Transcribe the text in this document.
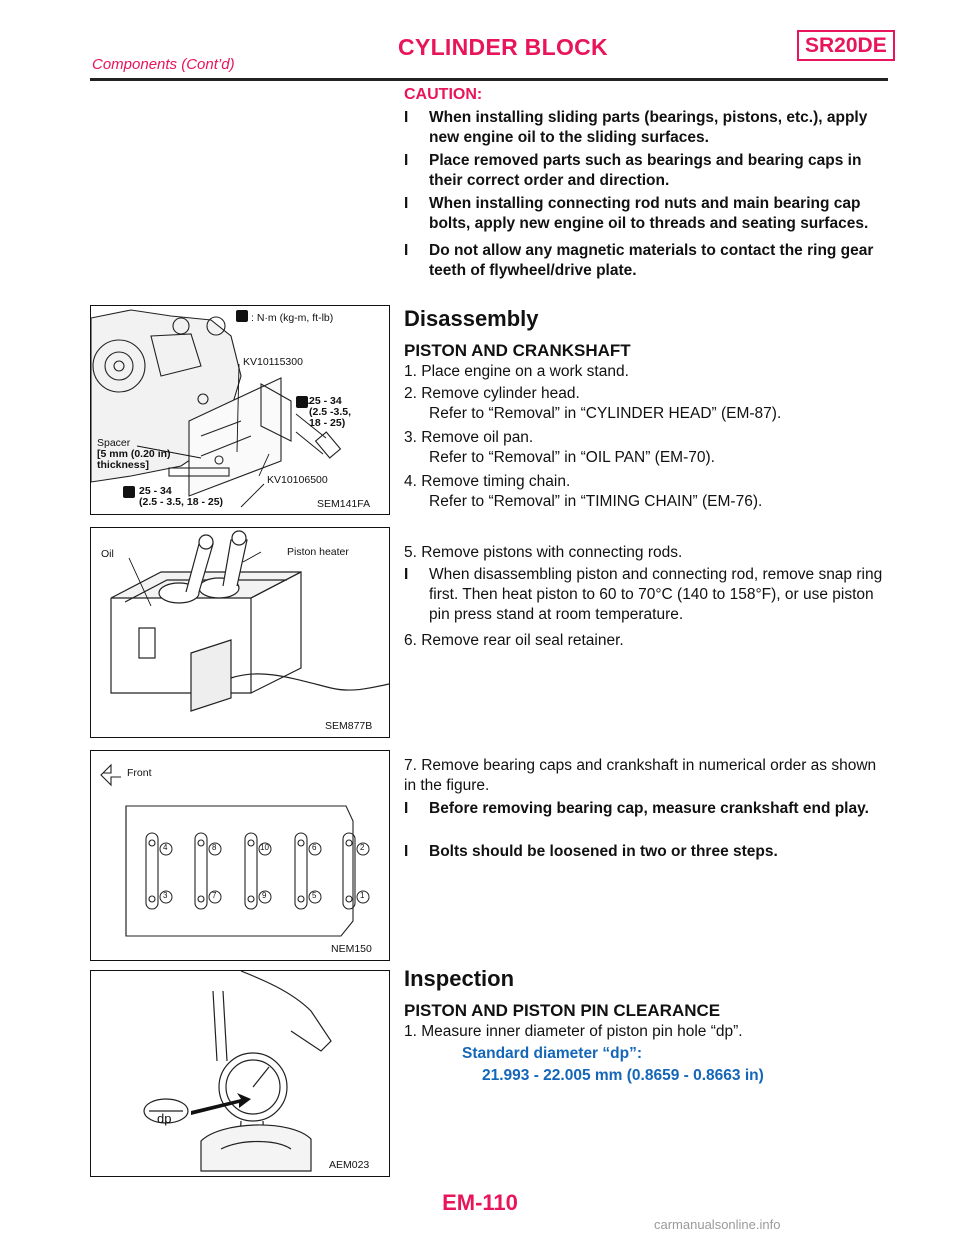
CYLINDER BLOCK	SR20DE
Components (Cont’d)
CAUTION:
I	When installing sliding parts (bearings, pistons, etc.), apply new engine oil to the sliding surfaces.
I	Place removed parts such as bearings and bearing caps in their correct order and direction.
I	When installing connecting rod nuts and main bearing cap bolts, apply new engine oil to threads and seating surfaces.
I	Do not allow any magnetic materials to contact the ring gear teeth of flywheel/drive plate.
Disassembly
PISTON AND CRANKSHAFT
1. Place engine on a work stand.
2. Remove cylinder head.
Refer to “Removal” in “CYLINDER HEAD” (EM-87).
3. Remove oil pan.
Refer to “Removal” in “OIL PAN” (EM-70).
4. Remove timing chain.
Refer to “Removal” in “TIMING CHAIN” (EM-76).
5. Remove pistons with connecting rods.
I	When disassembling piston and connecting rod, remove snap ring first. Then heat piston to 60 to 70°C (140 to 158°F), or use piston pin press stand at room temperature.
6. Remove rear oil seal retainer.
7. Remove bearing caps and crankshaft in numerical order as shown in the figure.
I	Before removing bearing cap, measure crankshaft end play.
I	Bolts should be loosened in two or three steps.
Inspection
PISTON AND PISTON PIN CLEARANCE
1. Measure inner diameter of piston pin hole “dp”.
Standard diameter “dp”:
21.993 - 22.005 mm (0.8659 - 0.8663 in)
: N·m (kg-m, ft-lb)
KV10115300
25 - 34
(2.5 -3.5,
18 - 25)
Spacer
[5 mm (0.20 in)
thickness]
KV10106500
25 - 34
(2.5 - 3.5, 18 - 25)	SEM141FA
Oil	Piston heater
SEM877B
Front
4	8	10	6	2
3	7	9	5	1
NEM150
dp
AEM023
EM-110
carmanualsonline.info
